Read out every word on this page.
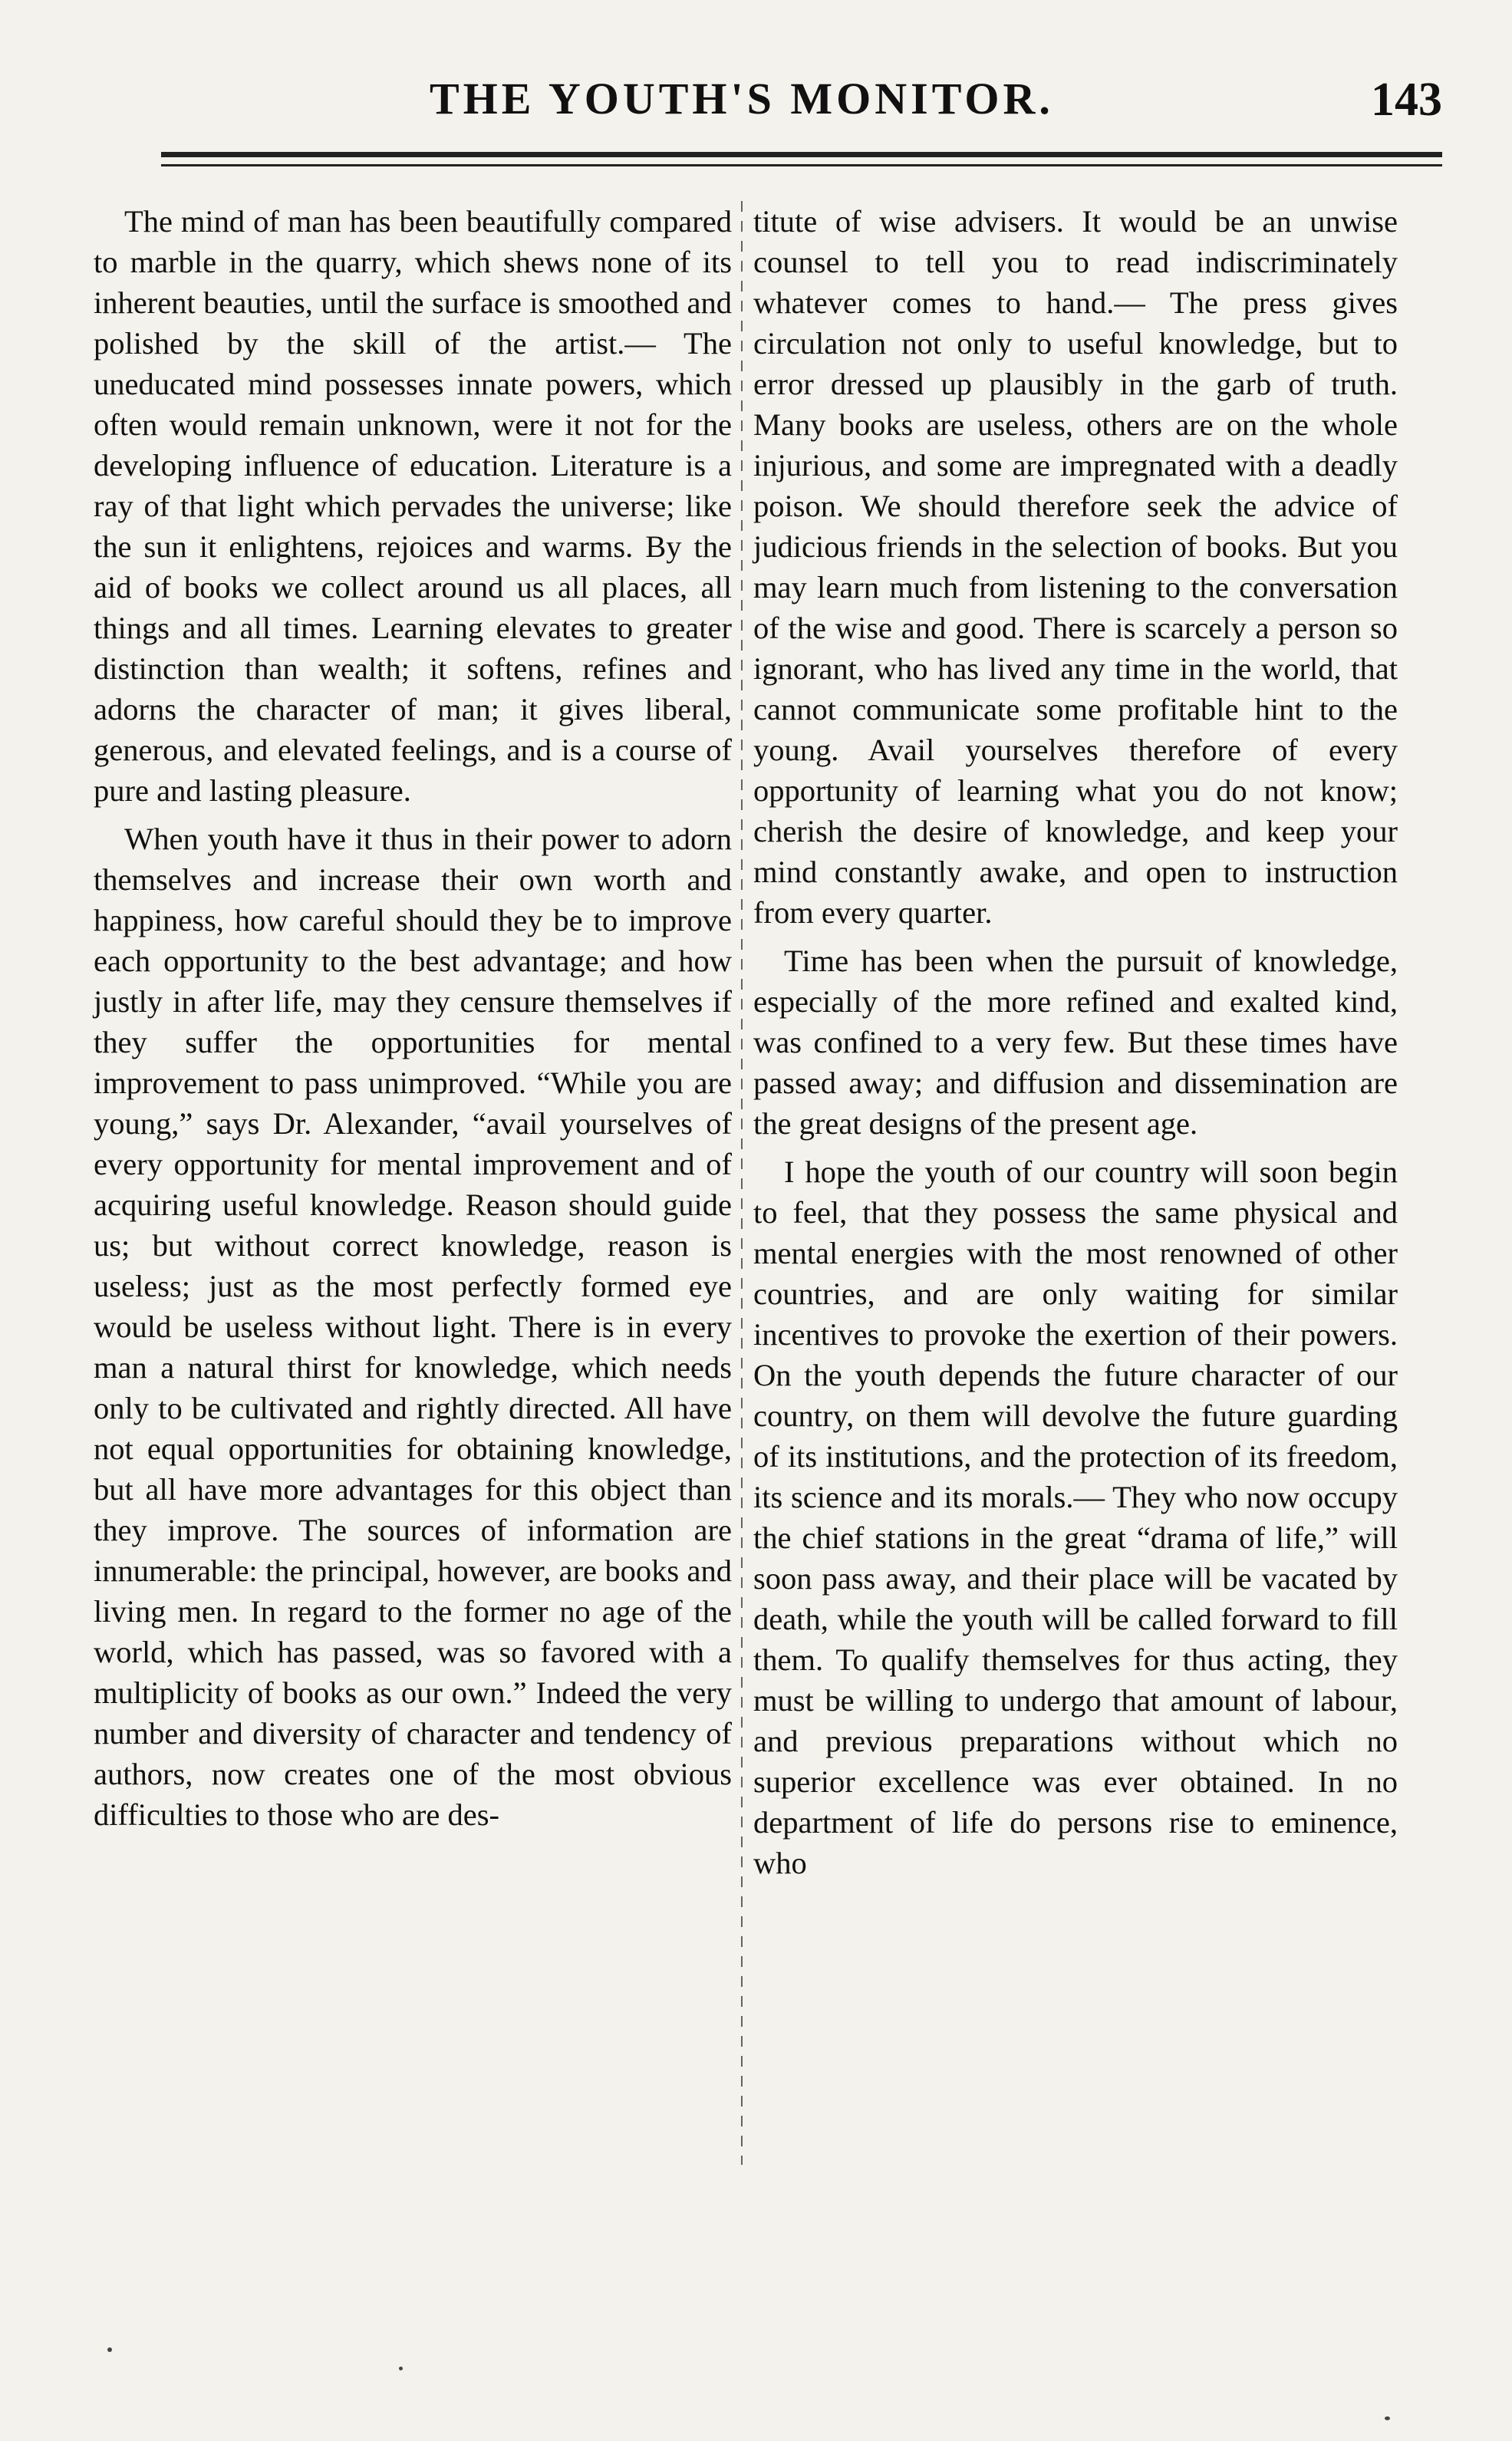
THE YOUTH'S MONITOR.	143

The mind of man has been beautifully compared to marble in the quarry, which shews none of its inherent beauties, until the surface is smoothed and polished by the skill of the artist.— The uneducated mind possesses innate powers, which often would remain unknown, were it not for the developing influence of education. Literature is a ray of that light which pervades the universe; like the sun it enlightens, rejoices and warms. By the aid of books we collect around us all places, all things and all times. Learning elevates to greater distinction than wealth; it softens, refines and adorns the character of man; it gives liberal, generous, and elevated feelings, and is a course of pure and lasting pleasure.

When youth have it thus in their power to adorn themselves and increase their own worth and happiness, how careful should they be to improve each opportunity to the best advantage; and how justly in after life, may they censure themselves if they suffer the opportunities for mental improvement to pass unimproved. “While you are young,” says Dr. Alexander, “avail yourselves of every opportunity for mental improvement and of acquiring useful knowledge. Reason should guide us; but without correct knowledge, reason is useless; just as the most perfectly formed eye would be useless without light. There is in every man a natural thirst for knowledge, which needs only to be cultivated and rightly directed. All have not equal opportunities for obtaining knowledge, but all have more advantages for this object than they improve. The sources of information are innumerable: the principal, however, are books and living men. In regard to the former no age of the world, which has passed, was so favored with a multiplicity of books as our own.” Indeed the very number and diversity of character and tendency of authors, now creates one of the most obvious difficulties to those who are des-

titute of wise advisers. It would be an unwise counsel to tell you to read indiscriminately whatever comes to hand.— The press gives circulation not only to useful knowledge, but to error dressed up plausibly in the garb of truth. Many books are useless, others are on the whole injurious, and some are impregnated with a deadly poison. We should therefore seek the advice of judicious friends in the selection of books. But you may learn much from listening to the conversation of the wise and good. There is scarcely a person so ignorant, who has lived any time in the world, that cannot communicate some profitable hint to the young. Avail yourselves therefore of every opportunity of learning what you do not know; cherish the desire of knowledge, and keep your mind constantly awake, and open to instruction from every quarter.

Time has been when the pursuit of knowledge, especially of the more refined and exalted kind, was confined to a very few. But these times have passed away; and diffusion and dissemination are the great designs of the present age.

I hope the youth of our country will soon begin to feel, that they possess the same physical and mental energies with the most renowned of other countries, and are only waiting for similar incentives to provoke the exertion of their powers. On the youth depends the future character of our country, on them will devolve the future guarding of its institutions, and the protection of its freedom, its science and its morals.— They who now occupy the chief stations in the great “drama of life,” will soon pass away, and their place will be vacated by death, while the youth will be called forward to fill them. To qualify themselves for thus acting, they must be willing to undergo that amount of labour, and previous preparations without which no superior excellence was ever obtained. In no department of life do persons rise to eminence, who
